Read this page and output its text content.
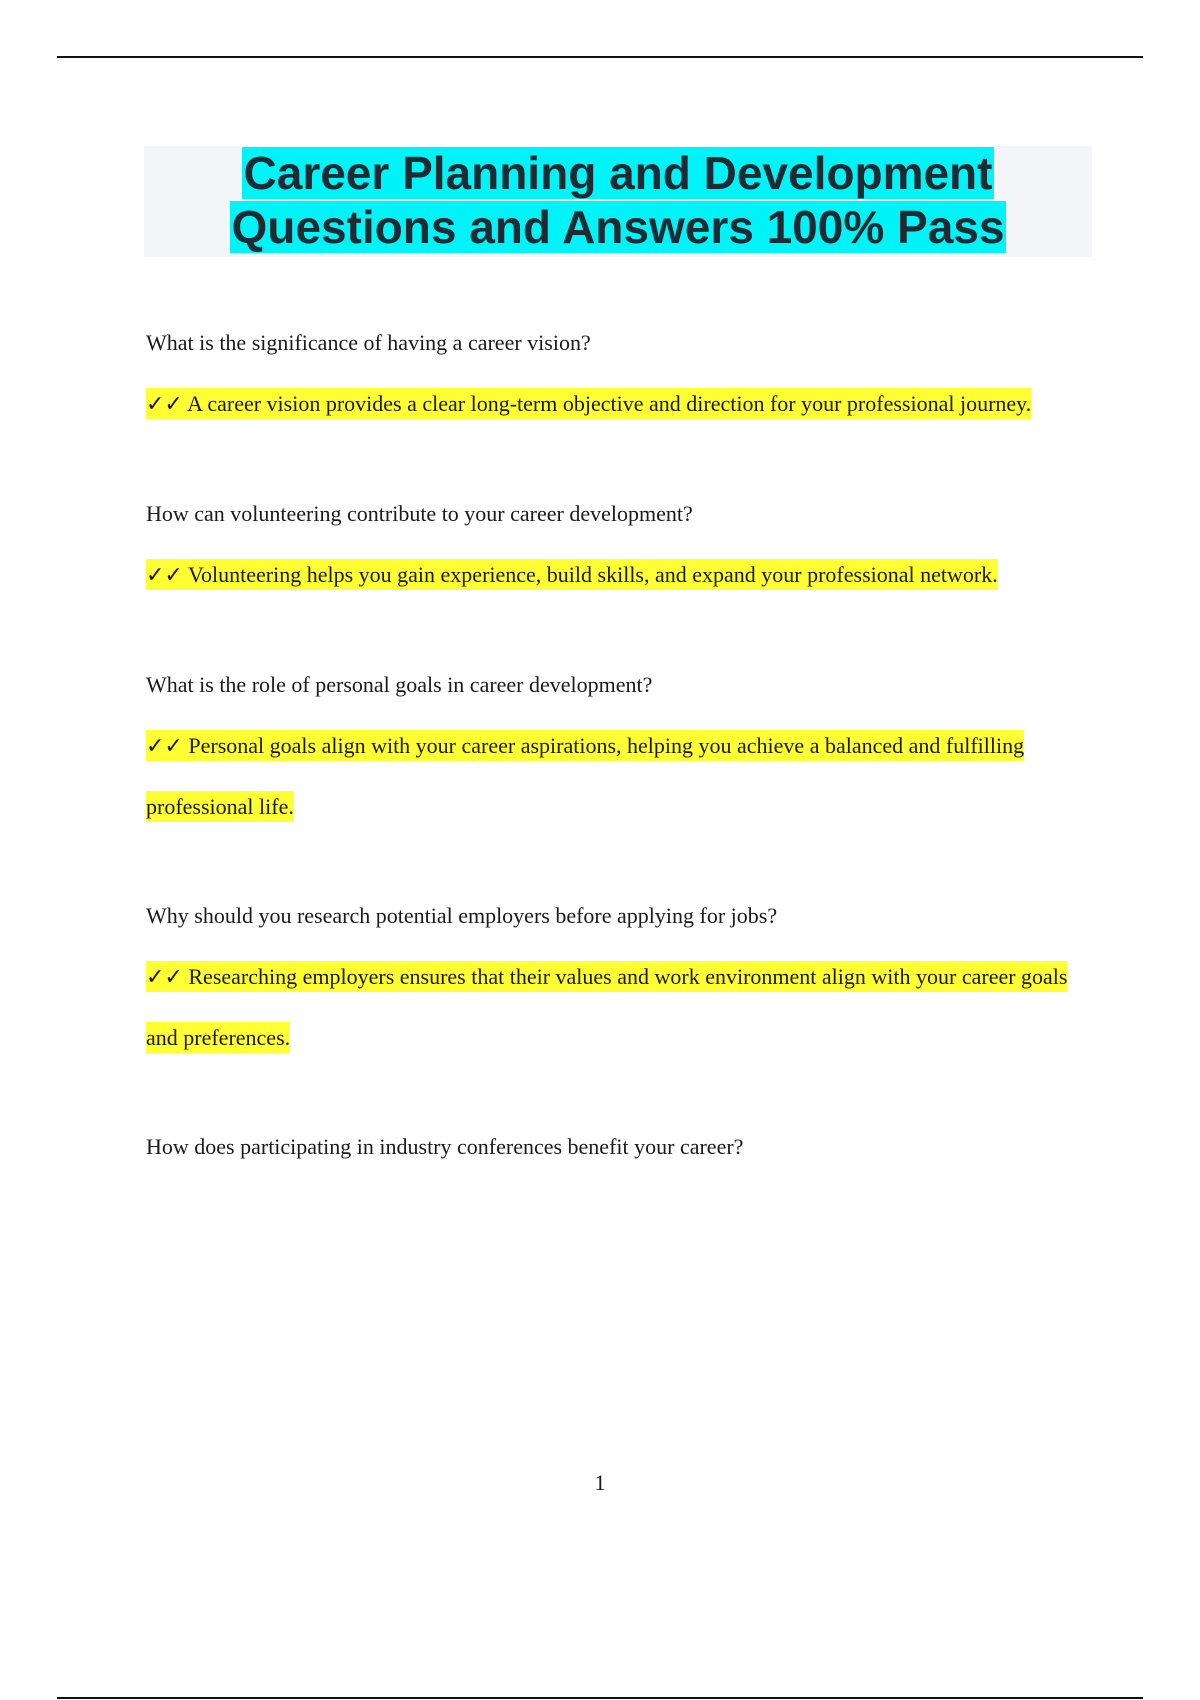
Career Planning and Development
Questions and Answers 100% Pass

What is the significance of having a career vision?

✓✓ A career vision provides a clear long-term objective and direction for your professional journey.

How can volunteering contribute to your career development?

✓✓ Volunteering helps you gain experience, build skills, and expand your professional network.

What is the role of personal goals in career development?

✓✓ Personal goals align with your career aspirations, helping you achieve a balanced and fulfilling professional life.

Why should you research potential employers before applying for jobs?

✓✓ Researching employers ensures that their values and work environment align with your career goals and preferences.

How does participating in industry conferences benefit your career?

1
